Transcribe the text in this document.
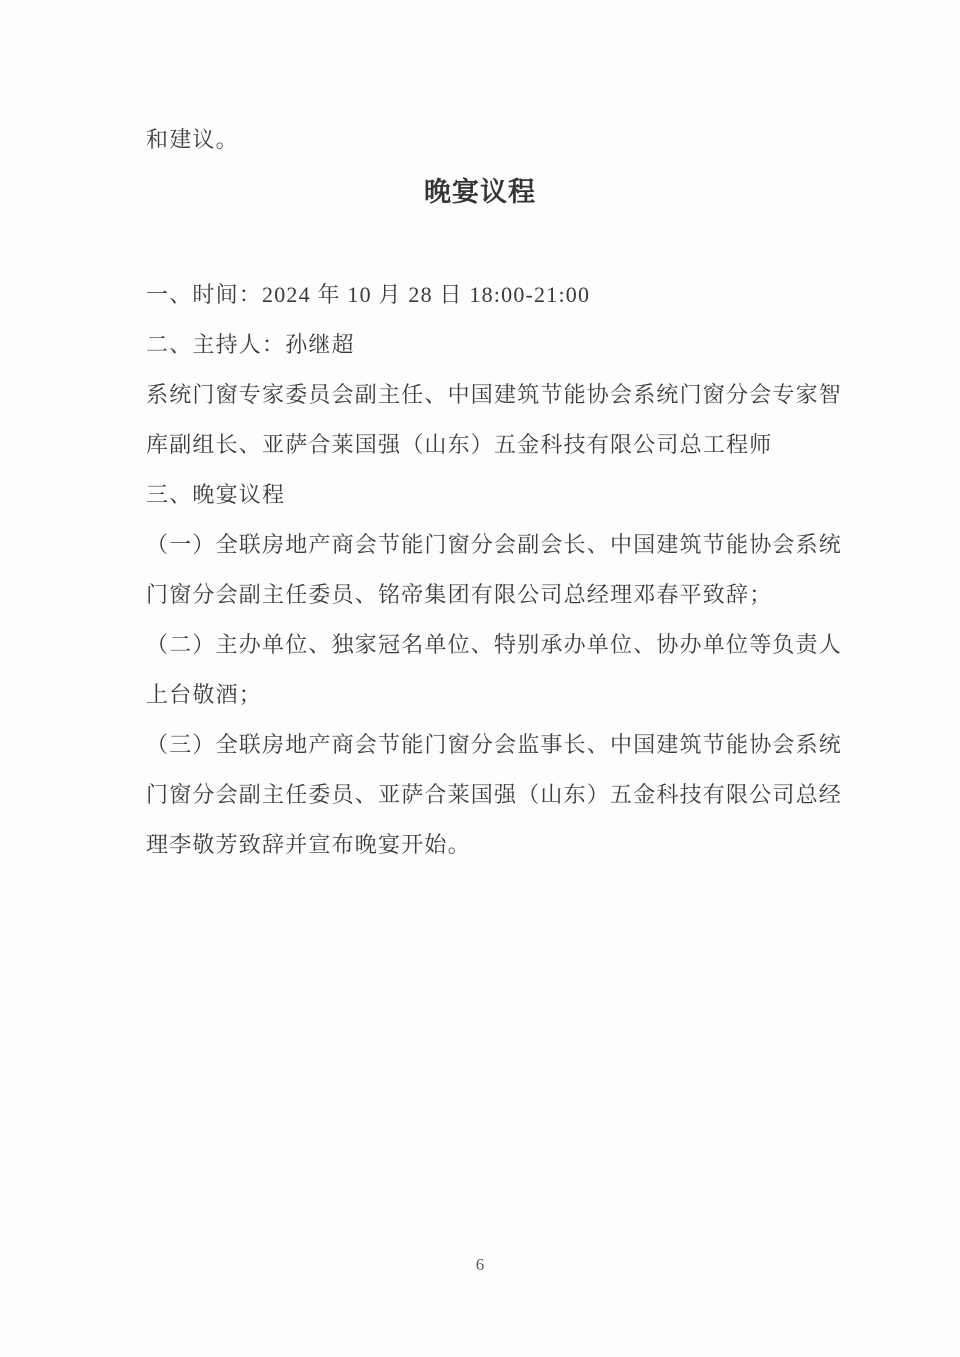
和建议。
晚宴议程
一、时间：2024 年 10 月 28 日 18:00-21:00
二、主持人：孙继超
系统门窗专家委员会副主任、中国建筑节能协会系统门窗分会专家智
库副组长、亚萨合莱国强（山东）五金科技有限公司总工程师
三、晚宴议程
（一）全联房地产商会节能门窗分会副会长、中国建筑节能协会系统
门窗分会副主任委员、铭帝集团有限公司总经理邓春平致辞；
（二）主办单位、独家冠名单位、特别承办单位、协办单位等负责人
上台敬酒；
（三）全联房地产商会节能门窗分会监事长、中国建筑节能协会系统
门窗分会副主任委员、亚萨合莱国强（山东）五金科技有限公司总经
理李敬芳致辞并宣布晚宴开始。
6
